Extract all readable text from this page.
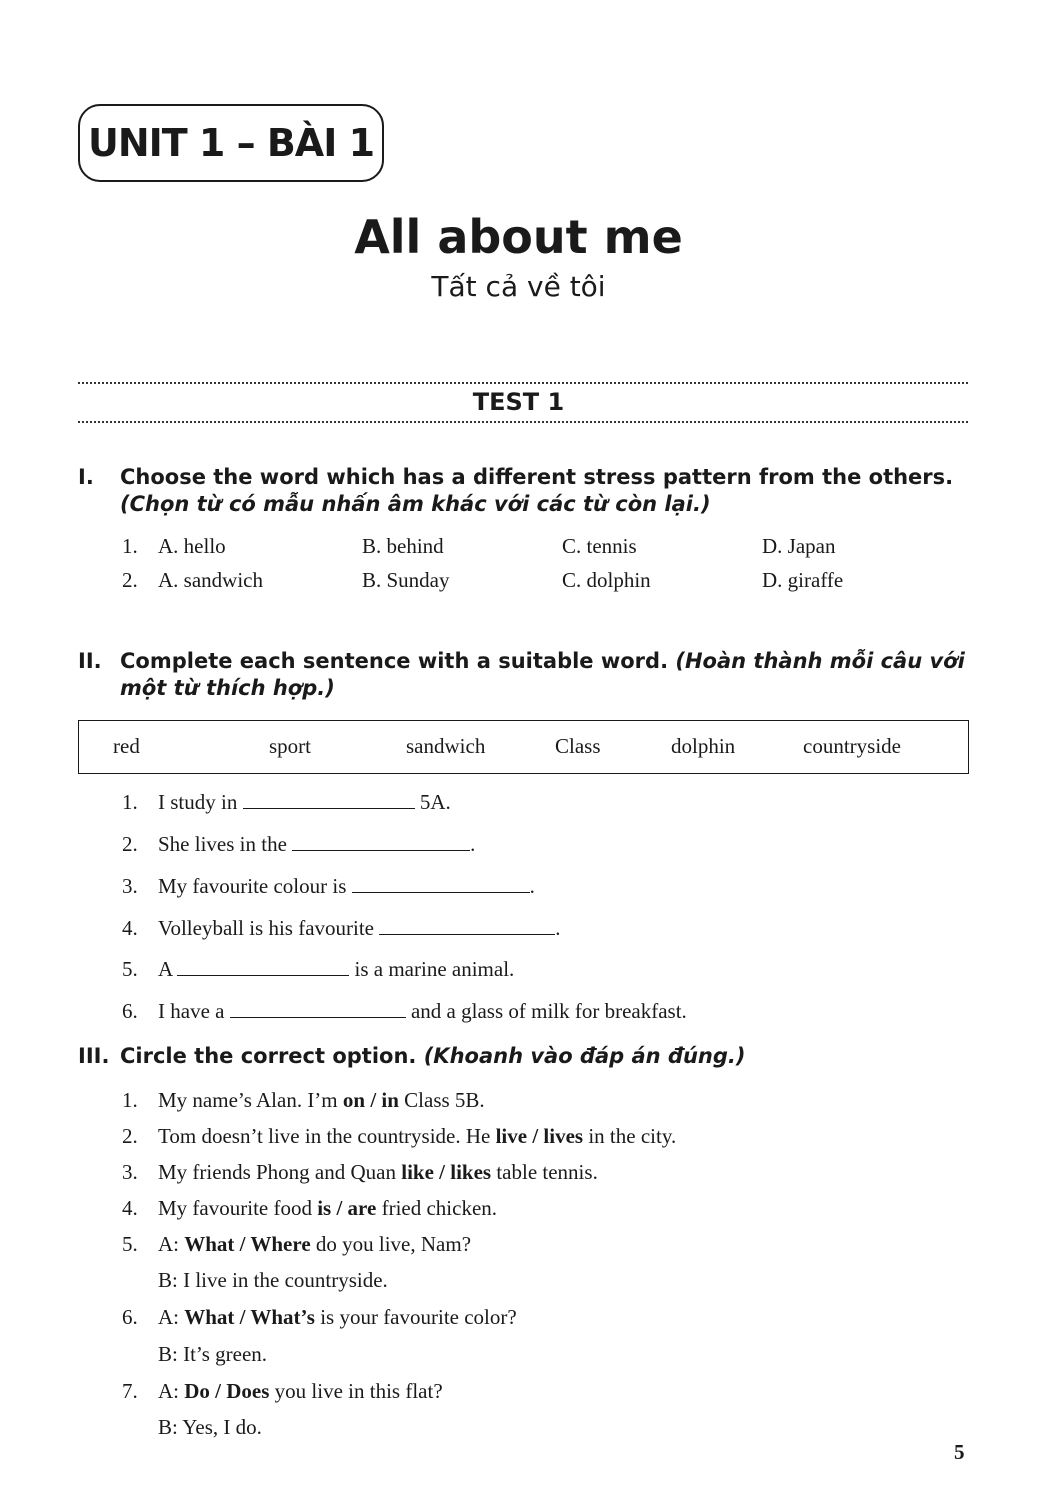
UNIT 1 – BÀI 1
All about me
Tất cả về tôi
TEST 1
I. Choose the word which has a different stress pattern from the others.
(Chọn từ có mẫu nhấn âm khác với các từ còn lại.)
1. A. hello	B. behind	C. tennis	D. Japan
2. A. sandwich	B. Sunday	C. dolphin	D. giraffe
II. Complete each sentence with a suitable word. (Hoàn thành mỗi câu với một từ thích hợp.)
red	sport	sandwich	Class	dolphin	countryside
1. I study in	5A.
2. She lives in the	.
3. My favourite colour is	.
4. Volleyball is his favourite	.
5. A	is a marine animal.
6. I have a	and a glass of milk for breakfast.
III. Circle the correct option. (Khoanh vào đáp án đúng.)
1. My name’s Alan. I’m on / in Class 5B.
2. Tom doesn’t live in the countryside. He live / lives in the city.
3. My friends Phong and Quan like / likes table tennis.
4. My favourite food is / are fried chicken.
5. A: What / Where do you live, Nam?
B: I live in the countryside.
6. A: What / What’s is your favourite color?
B: It’s green.
7. A: Do / Does you live in this flat?
B: Yes, I do.
5
